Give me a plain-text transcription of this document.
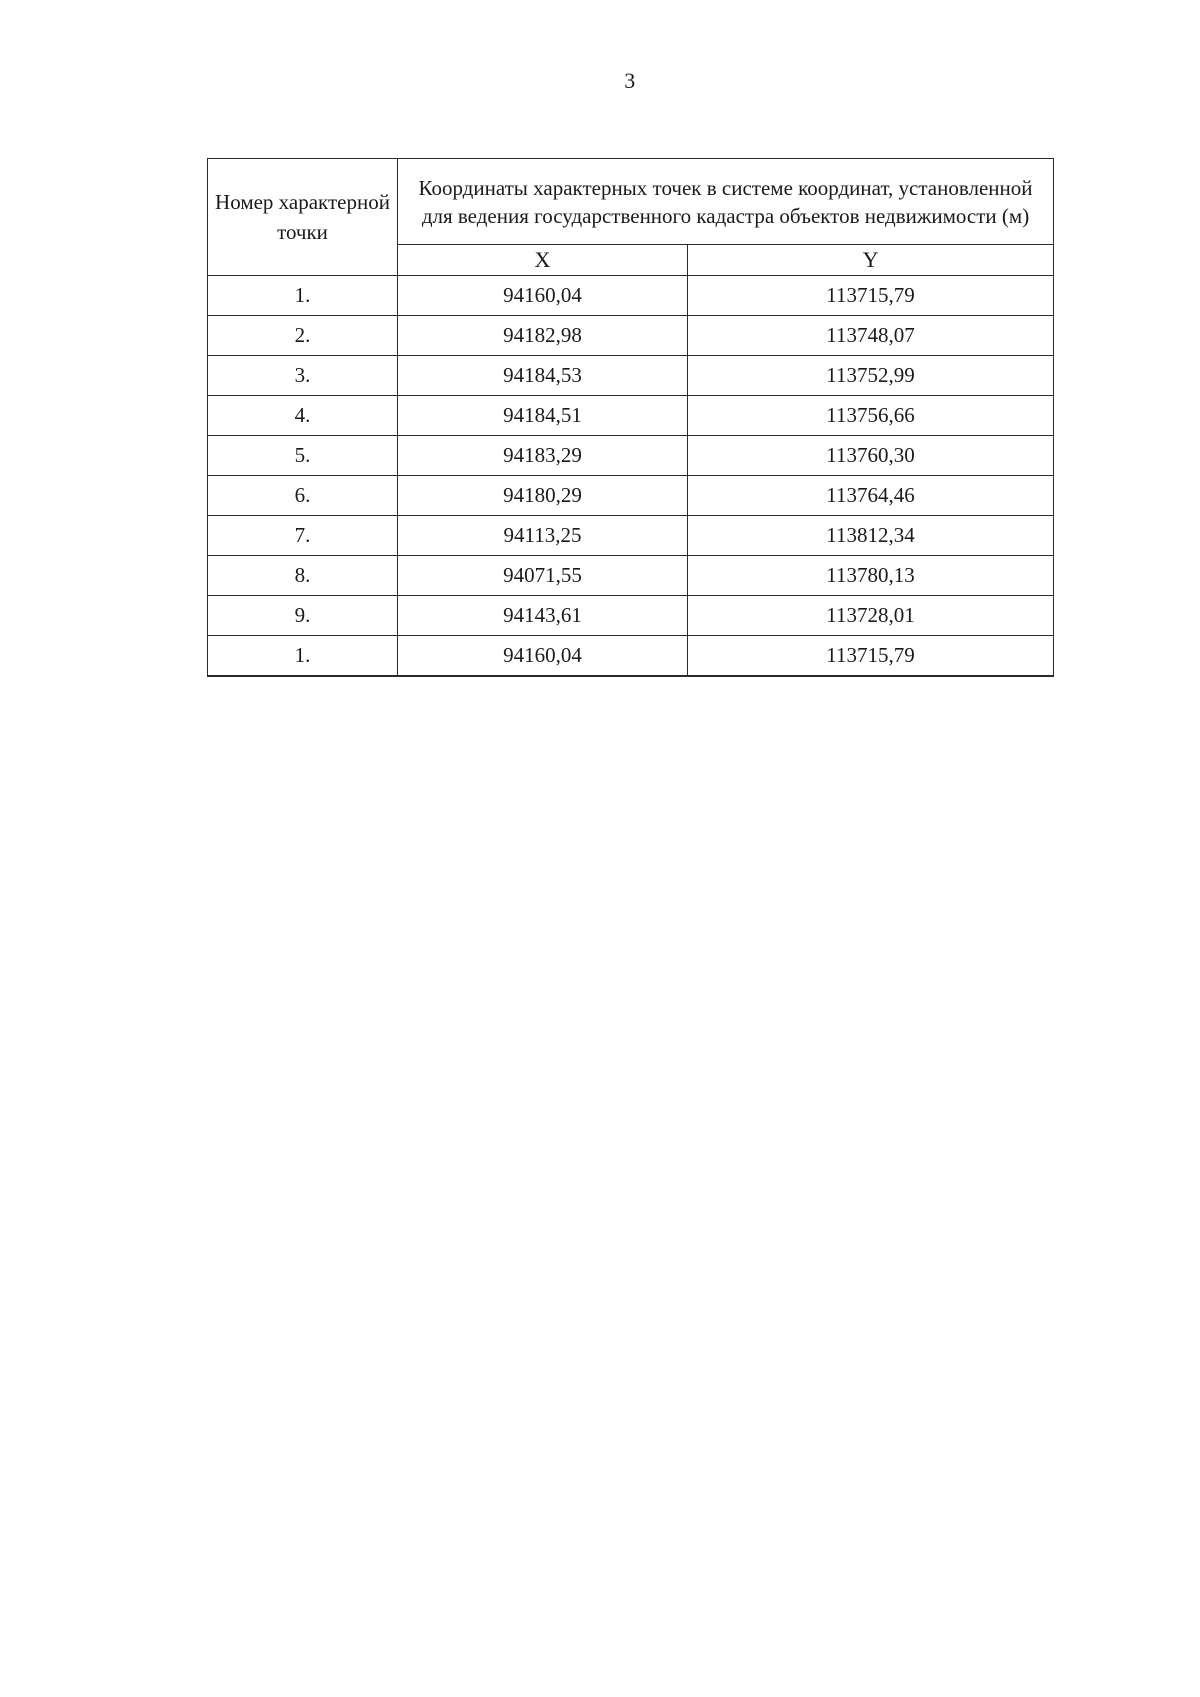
3
Номер характерной точки	Координаты характерных точек в системе координат, установленной для ведения государственного кадастра объектов недвижимости (м)	
	X	Y
1.	94160,04	113715,79
2.	94182,98	113748,07
3.	94184,53	113752,99
4.	94184,51	113756,66
5.	94183,29	113760,30
6.	94180,29	113764,46
7.	94113,25	113812,34
8.	94071,55	113780,13
9.	94143,61	113728,01
1.	94160,04	113715,79
